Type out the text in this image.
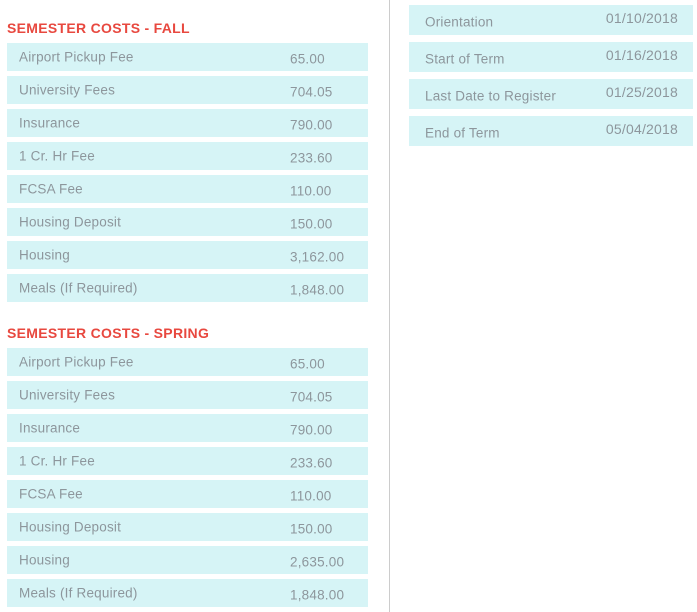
SEMESTER COSTS - FALL
Airport Pickup Fee	65.00
University Fees	704.05
Insurance	790.00
1 Cr. Hr Fee	233.60
FCSA Fee	110.00
Housing Deposit	150.00
Housing	3,162.00
Meals (If Required)	1,848.00
SEMESTER COSTS - SPRING
Airport Pickup Fee	65.00
University Fees	704.05
Insurance	790.00
1 Cr. Hr Fee	233.60
FCSA Fee	110.00
Housing Deposit	150.00
Housing	2,635.00
Meals (If Required)	1,848.00
Orientation	01/10/2018
Start of Term	01/16/2018
Last Date to Register	01/25/2018
End of Term	05/04/2018
